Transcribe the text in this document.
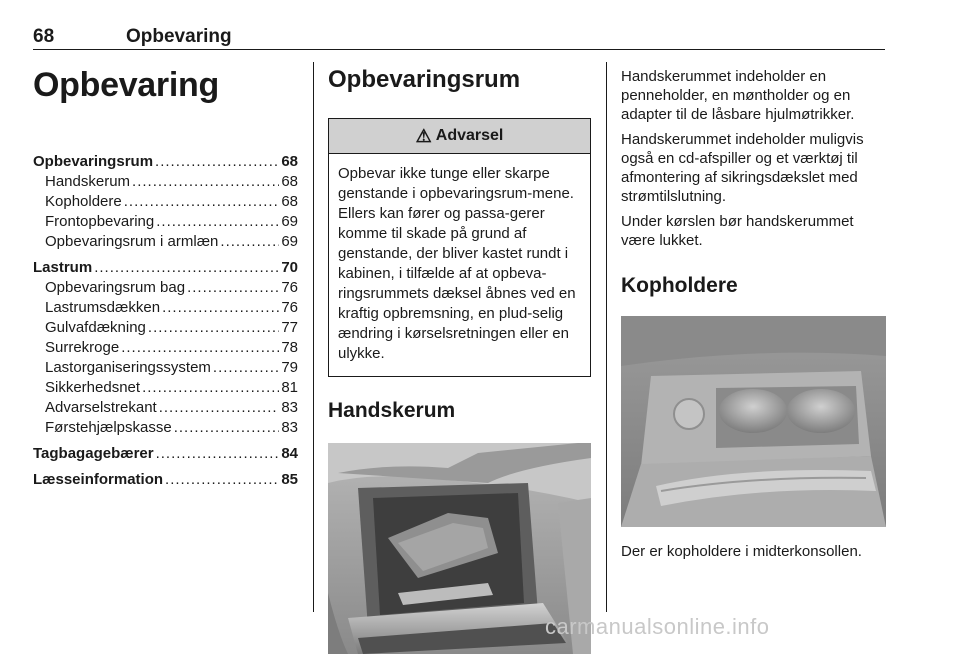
68	Opbevaring
Opbevaring
Opbevaringsrum .....	68
Handskerum .....	68
Kopholdere .....	68
Frontopbevaring .....	69
Opbevaringsrum i armlæn .....	69
Lastrum .....	70
Opbevaringsrum bag .....	76
Lastrumsdækken .....	76
Gulvafdækning .....	77
Surrekroge .....	78
Lastorganiseringssystem .....	79
Sikkerhedsnet .....	81
Advarselstrekant .....	83
Førstehjælpskasse .....	83
Tagbagagebærer .....	84
Læsseinformation .....	85
Opbevaringsrum
⚠ Advarsel
Opbevar ikke tunge eller skarpe genstande i opbevaringsrum-mene. Ellers kan fører og passa-gerer komme til skade på grund af genstande, der bliver kastet rundt i kabinen, i tilfælde af at opbeva-ringsrummets dæksel åbnes ved en kraftig opbremsning, en plud-selig ændring i kørselsretningen eller en ulykke.
Handskerum

Handskerummet indeholder en penneholder, en møntholder og en adapter til de låsbare hjulmøtrikker.

Handskerummet indeholder muligvis også en cd-afspiller og et værktøj til afmontering af sikringsdækslet med strømtilslutning.

Under kørslen bør handskerummet være lukket.

Kopholdere

Der er kopholdere i midterkonsollen.

carmanualsonline.info
